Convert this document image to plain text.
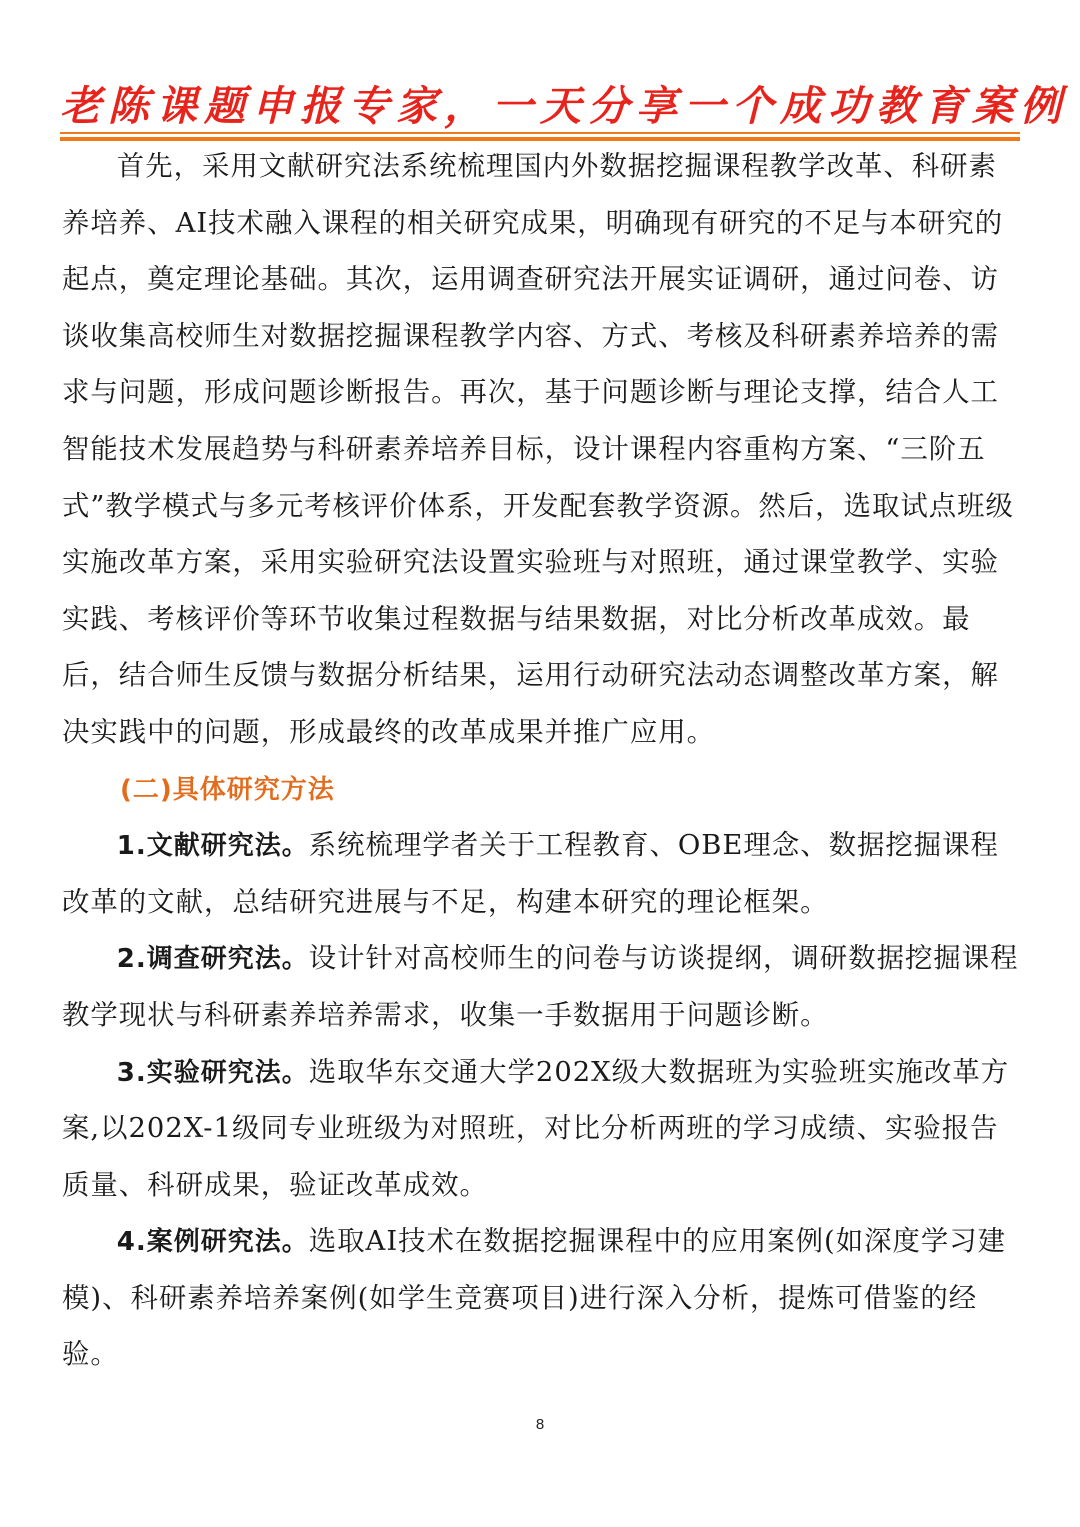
老陈课题申报专家，一天分享一个成功教育案例

首先，采用文献研究法系统梳理国内外数据挖掘课程教学改革、科研素养培养、AI技术融入课程的相关研究成果，明确现有研究的不足与本研究的起点，奠定理论基础。其次，运用调查研究法开展实证调研，通过问卷、访谈收集高校师生对数据挖掘课程教学内容、方式、考核及科研素养培养的需求与问题，形成问题诊断报告。再次，基于问题诊断与理论支撑，结合人工智能技术发展趋势与科研素养培养目标，设计课程内容重构方案、“三阶五式”教学模式与多元考核评价体系，开发配套教学资源。然后，选取试点班级实施改革方案，采用实验研究法设置实验班与对照班，通过课堂教学、实验实践、考核评价等环节收集过程数据与结果数据，对比分析改革成效。最后，结合师生反馈与数据分析结果，运用行动研究法动态调整改革方案，解决实践中的问题，形成最终的改革成果并推广应用。

(二)具体研究方法

1.文献研究法。系统梳理学者关于工程教育、OBE理念、数据挖掘课程改革的文献，总结研究进展与不足，构建本研究的理论框架。

2.调查研究法。设计针对高校师生的问卷与访谈提纲，调研数据挖掘课程教学现状与科研素养培养需求，收集一手数据用于问题诊断。

3.实验研究法。选取华东交通大学202X级大数据班为实验班实施改革方案,以202X-1级同专业班级为对照班，对比分析两班的学习成绩、实验报告质量、科研成果，验证改革成效。

4.案例研究法。选取AI技术在数据挖掘课程中的应用案例(如深度学习建模)、科研素养培养案例(如学生竞赛项目)进行深入分析，提炼可借鉴的经验。

8
